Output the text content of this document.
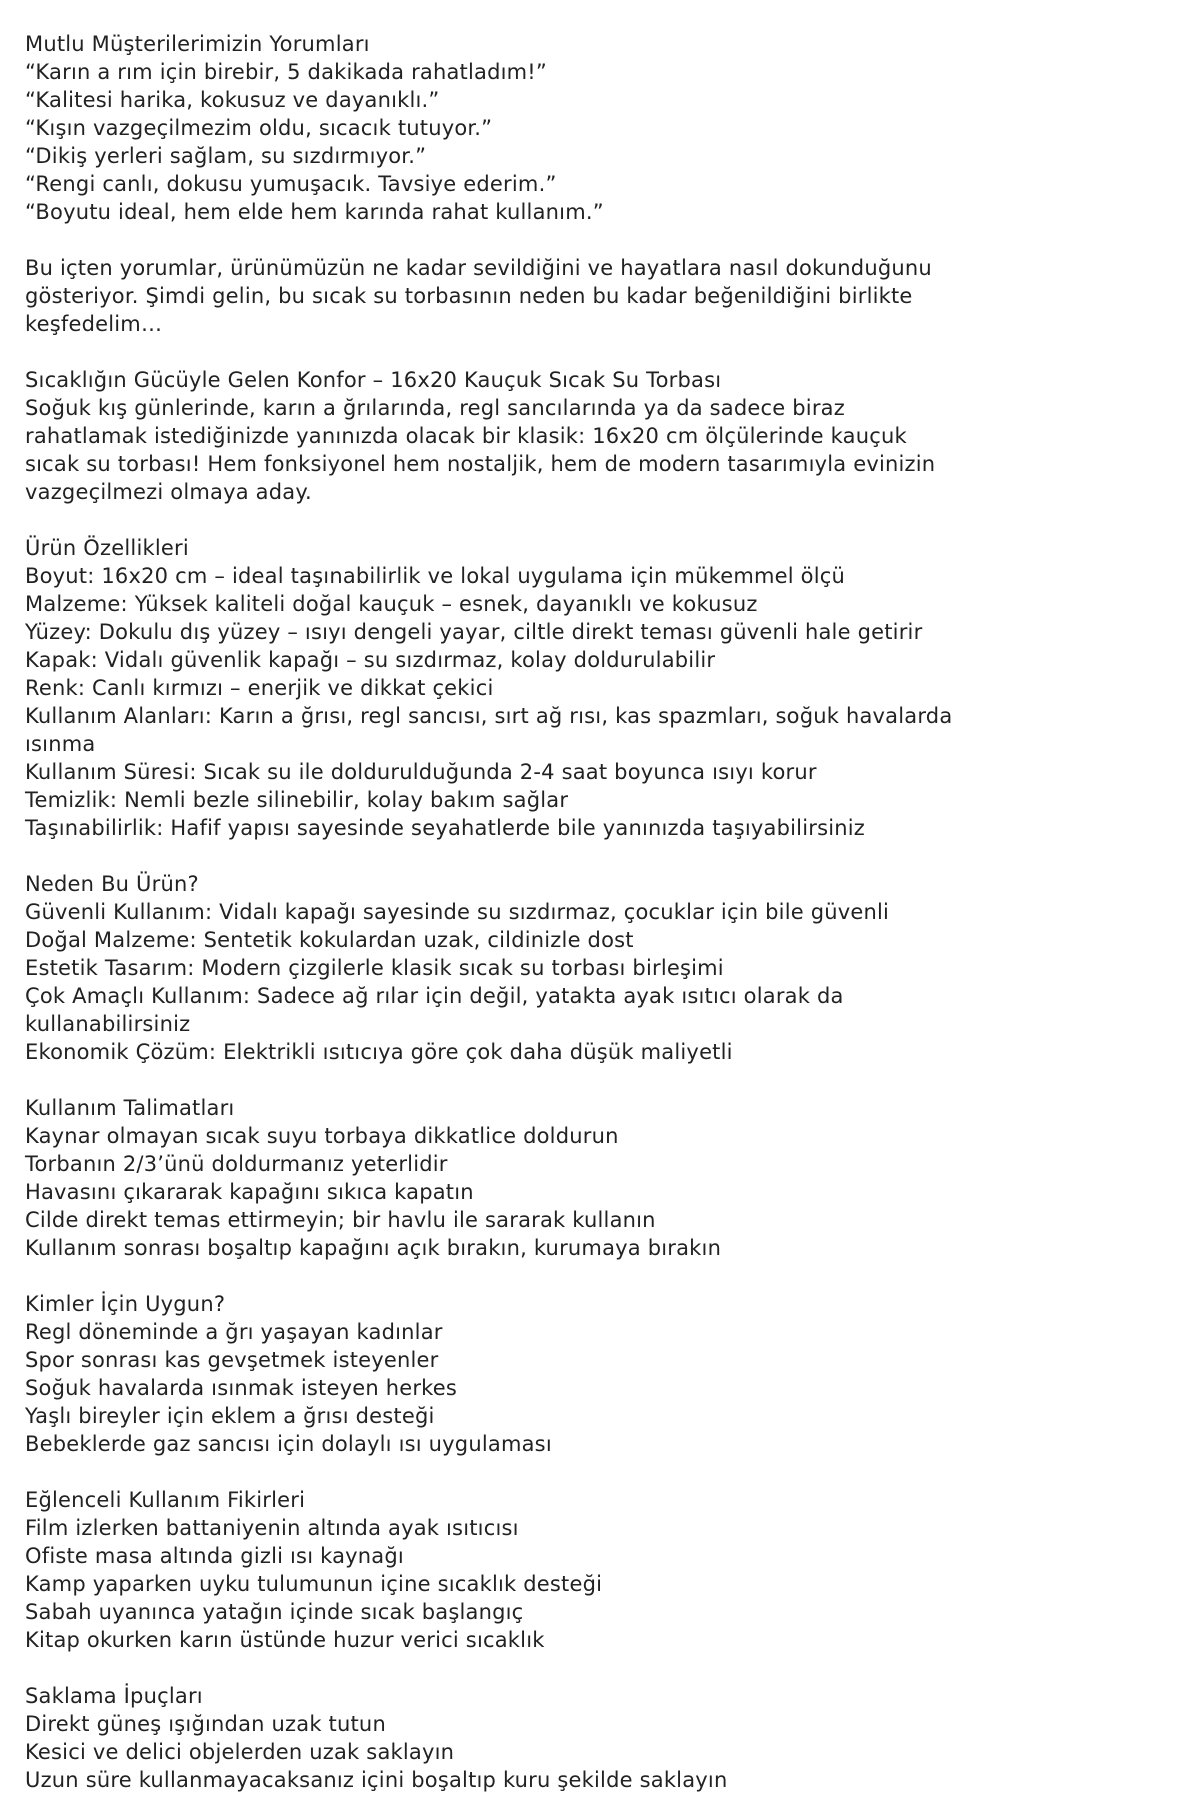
Mutlu Müşterilerimizin Yorumları
“Karın a rım için birebir, 5 dakikada rahatladım!”
“Kalitesi harika, kokusuz ve dayanıklı.”
“Kışın vazgeçilmezim oldu, sıcacık tutuyor.”
“Dikiş yerleri sağlam, su sızdırmıyor.”
“Rengi canlı, dokusu yumuşacık. Tavsiye ederim.”
“Boyutu ideal, hem elde hem karında rahat kullanım.”
Bu içten yorumlar, ürünümüzün ne kadar sevildiğini ve hayatlara nasıl dokunduğunu
gösteriyor. Şimdi gelin, bu sıcak su torbasının neden bu kadar beğenildiğini birlikte
keşfedelim…
Sıcaklığın Gücüyle Gelen Konfor – 16x20 Kauçuk Sıcak Su Torbası
Soğuk kış günlerinde, karın a ğrılarında, regl sancılarında ya da sadece biraz
rahatlamak istediğinizde yanınızda olacak bir klasik: 16x20 cm ölçülerinde kauçuk
sıcak su torbası! Hem fonksiyonel hem nostaljik, hem de modern tasarımıyla evinizin
vazgeçilmezi olmaya aday.
Ürün Özellikleri
Boyut: 16x20 cm – ideal taşınabilirlik ve lokal uygulama için mükemmel ölçü
Malzeme: Yüksek kaliteli doğal kauçuk – esnek, dayanıklı ve kokusuz
Yüzey: Dokulu dış yüzey – ısıyı dengeli yayar, ciltle direkt teması güvenli hale getirir
Kapak: Vidalı güvenlik kapağı – su sızdırmaz, kolay doldurulabilir
Renk: Canlı kırmızı – enerjik ve dikkat çekici
Kullanım Alanları: Karın a ğrısı, regl sancısı, sırt ağ rısı, kas spazmları, soğuk havalarda
ısınma
Kullanım Süresi: Sıcak su ile doldurulduğunda 2-4 saat boyunca ısıyı korur
Temizlik: Nemli bezle silinebilir, kolay bakım sağlar
Taşınabilirlik: Hafif yapısı sayesinde seyahatlerde bile yanınızda taşıyabilirsiniz
Neden Bu Ürün?
Güvenli Kullanım: Vidalı kapağı sayesinde su sızdırmaz, çocuklar için bile güvenli
Doğal Malzeme: Sentetik kokulardan uzak, cildinizle dost
Estetik Tasarım: Modern çizgilerle klasik sıcak su torbası birleşimi
Çok Amaçlı Kullanım: Sadece ağ rılar için değil, yatakta ayak ısıtıcı olarak da
kullanabilirsiniz
Ekonomik Çözüm: Elektrikli ısıtıcıya göre çok daha düşük maliyetli
Kullanım Talimatları
Kaynar olmayan sıcak suyu torbaya dikkatlice doldurun
Torbanın 2/3’ünü doldurmanız yeterlidir
Havasını çıkararak kapağını sıkıca kapatın
Cilde direkt temas ettirmeyin; bir havlu ile sararak kullanın
Kullanım sonrası boşaltıp kapağını açık bırakın, kurumaya bırakın
Kimler İçin Uygun?
Regl döneminde a ğrı yaşayan kadınlar
Spor sonrası kas gevşetmek isteyenler
Soğuk havalarda ısınmak isteyen herkes
Yaşlı bireyler için eklem a ğrısı desteği
Bebeklerde gaz sancısı için dolaylı ısı uygulaması
Eğlenceli Kullanım Fikirleri
Film izlerken battaniyenin altında ayak ısıtıcısı
Ofiste masa altında gizli ısı kaynağı
Kamp yaparken uyku tulumunun içine sıcaklık desteği
Sabah uyanınca yatağın içinde sıcak başlangıç
Kitap okurken karın üstünde huzur verici sıcaklık
Saklama İpuçları
Direkt güneş ışığından uzak tutun
Kesici ve delici objelerden uzak saklayın
Uzun süre kullanmayacaksanız içini boşaltıp kuru şekilde saklayın
